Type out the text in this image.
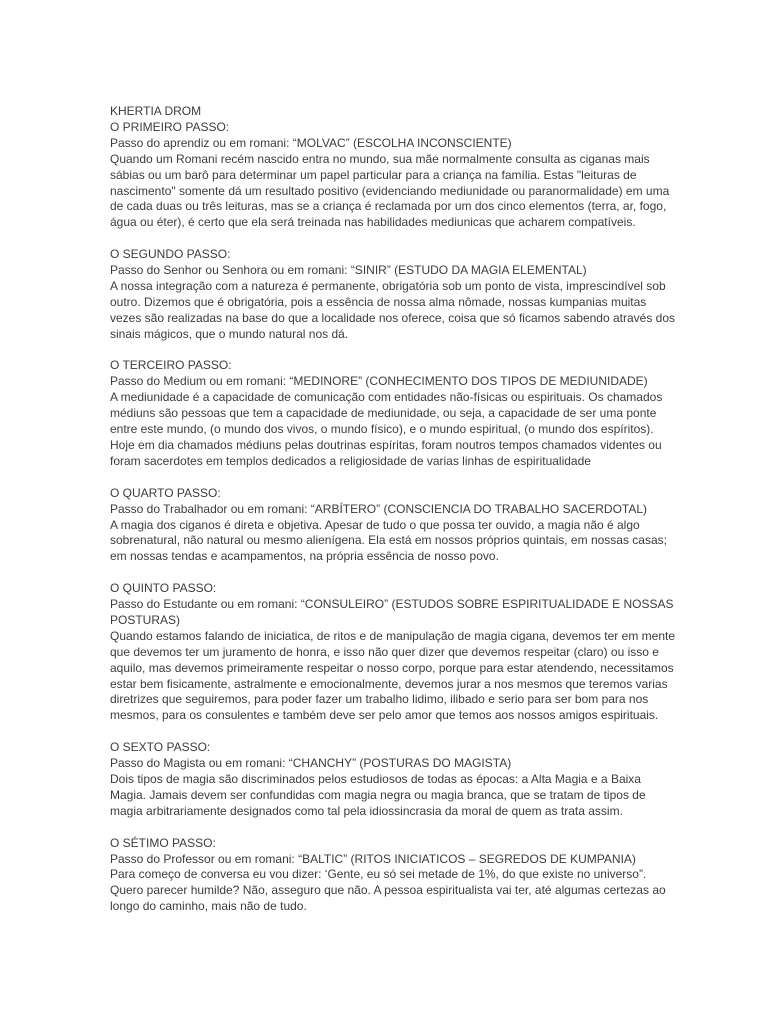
KHERTIA DROM
O PRIMEIRO PASSO:
Passo do aprendiz ou em romani: “MOLVAC” (ESCOLHA INCONSCIENTE)
Quando um Romani recém nascido entra no mundo, sua mãe normalmente consulta as ciganas mais
sábias ou um barô para determinar um papel particular para a criança na família. Estas "leituras de
nascimento" somente dá um resultado positivo (evidenciando mediunidade ou paranormalidade) em uma
de cada duas ou três leituras, mas se a criança é reclamada por um dos cinco elementos (terra, ar, fogo,
água ou éter), é certo que ela será treinada nas habilidades mediunicas que acharem compatíveis.
O SEGUNDO PASSO:
Passo do Senhor ou Senhora ou em romani: “SINIR” (ESTUDO DA MAGIA ELEMENTAL)
A nossa integração com a natureza é permanente, obrigatória sob um ponto de vista, imprescindível sob
outro. Dizemos que é obrigatória, pois a essência de nossa alma nômade, nossas kumpanias muitas
vezes são realizadas na base do que a localidade nos oferece, coisa que só ficamos sabendo através dos
sinais mágicos, que o mundo natural nos dá.
O TERCEIRO PASSO:
Passo do Medium ou em romani: “MEDINORE” (CONHECIMENTO DOS TIPOS DE MEDIUNIDADE)
A mediunidade é a capacidade de comunicação com entidades não-físicas ou espirituais. Os chamados
médiuns são pessoas que tem a capacidade de mediunidade, ou seja, a capacidade de ser uma ponte
entre este mundo, (o mundo dos vivos, o mundo físico), e o mundo espiritual, (o mundo dos espíritos).
Hoje em dia chamados médiuns pelas doutrinas espíritas, foram noutros tempos chamados videntes ou
foram sacerdotes em templos dedicados a religiosidade de varias linhas de espiritualidade
O QUARTO PASSO:
Passo do Trabalhador ou em romani: “ARBÍTERO” (CONSCIENCIA DO TRABALHO SACERDOTAL)
A magia dos ciganos é direta e objetiva. Apesar de tudo o que possa ter ouvido, a magia não é algo
sobrenatural, não natural ou mesmo alienígena. Ela está em nossos próprios quintais, em nossas casas;
em nossas tendas e acampamentos, na própria essência de nosso povo.
O QUINTO PASSO:
Passo do Estudante ou em romani: “CONSULEIRO” (ESTUDOS SOBRE ESPIRITUALIDADE E NOSSAS
POSTURAS)
Quando estamos falando de iniciatica, de ritos e de manipulação de magia cigana, devemos ter em mente
que devemos ter um juramento de honra, e isso não quer dizer que devemos respeitar (claro) ou isso e
aquilo, mas devemos primeiramente respeitar o nosso corpo, porque para estar atendendo, necessitamos
estar bem fisicamente, astralmente e emocionalmente, devemos jurar a nos mesmos que teremos varias
diretrizes que seguiremos, para poder fazer um trabalho lidimo, ilibado e serio para ser bom para nos
mesmos, para os consulentes e também deve ser pelo amor que temos aos nossos amigos espirituais.
O SEXTO PASSO:
Passo do Magista ou em romani: “CHANCHY” (POSTURAS DO MAGISTA)
Dois tipos de magia são discriminados pelos estudiosos de todas as épocas: a Alta Magia e a Baixa
Magia. Jamais devem ser confundidas com magia negra ou magia branca, que se tratam de tipos de
magia arbitrariamente designados como tal pela idiossincrasia da moral de quem as trata assim.
O SÉTIMO PASSO:
Passo do Professor ou em romani: “BALTIC” (RITOS INICIATICOS – SEGREDOS DE KUMPANIA)
Para começo de conversa eu vou dizer: ‘Gente, eu só sei metade de 1%, do que existe no universo”.
Quero parecer humilde? Não, asseguro que não. A pessoa espiritualista vai ter, até algumas certezas ao
longo do caminho, mais não de tudo.
